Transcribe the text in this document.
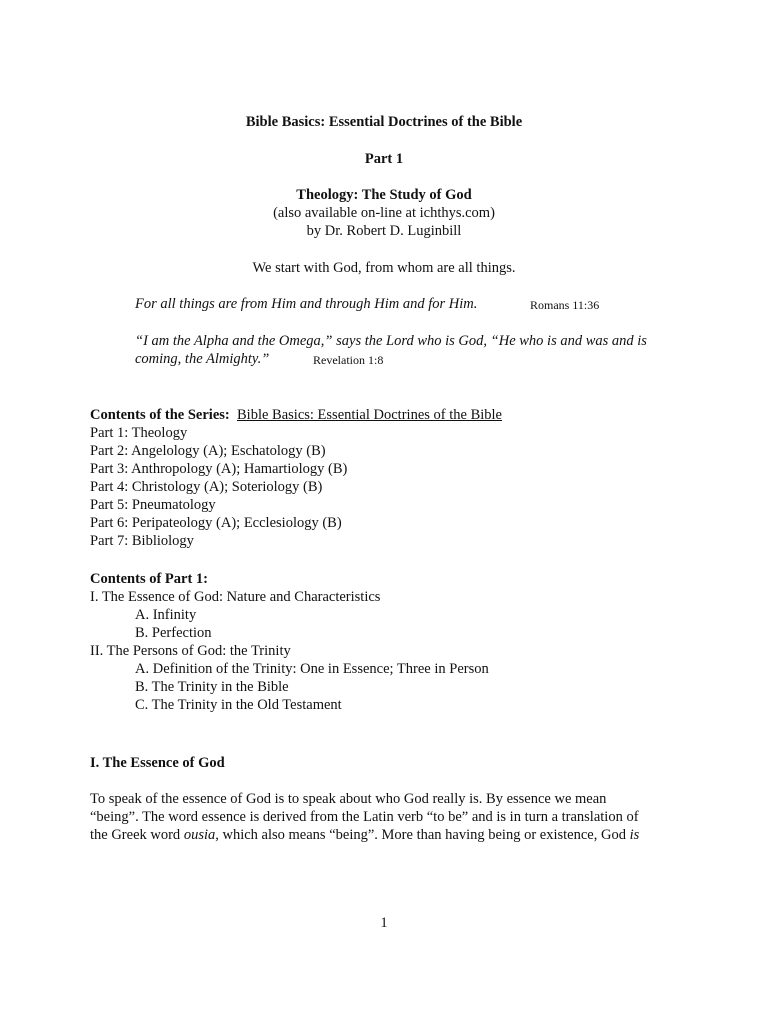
Bible Basics: Essential Doctrines of the Bible
Part 1
Theology: The Study of God
(also available on-line at ichthys.com)
by Dr. Robert D. Luginbill
We start with God, from whom are all things.
For all things are from Him and through Him and for Him.	Romans 11:36
“I am the Alpha and the Omega,” says the Lord who is God, “He who is and was and is
coming, the Almighty.”	Revelation 1:8
Contents of the Series: Bible Basics: Essential Doctrines of the Bible
Part 1: Theology
Part 2: Angelology (A); Eschatology (B)
Part 3: Anthropology (A); Hamartiology (B)
Part 4: Christology (A); Soteriology (B)
Part 5: Pneumatology
Part 6: Peripateology (A); Ecclesiology (B)
Part 7: Bibliology
Contents of Part 1:
I. The Essence of God: Nature and Characteristics
A. Infinity
B. Perfection
II. The Persons of God: the Trinity
A. Definition of the Trinity: One in Essence; Three in Person
B. The Trinity in the Bible
C. The Trinity in the Old Testament
I. The Essence of God
To speak of the essence of God is to speak about who God really is. By essence we mean
“being”. The word essence is derived from the Latin verb “to be” and is in turn a translation of
the Greek word ousia, which also means “being”. More than having being or existence, God is
1
